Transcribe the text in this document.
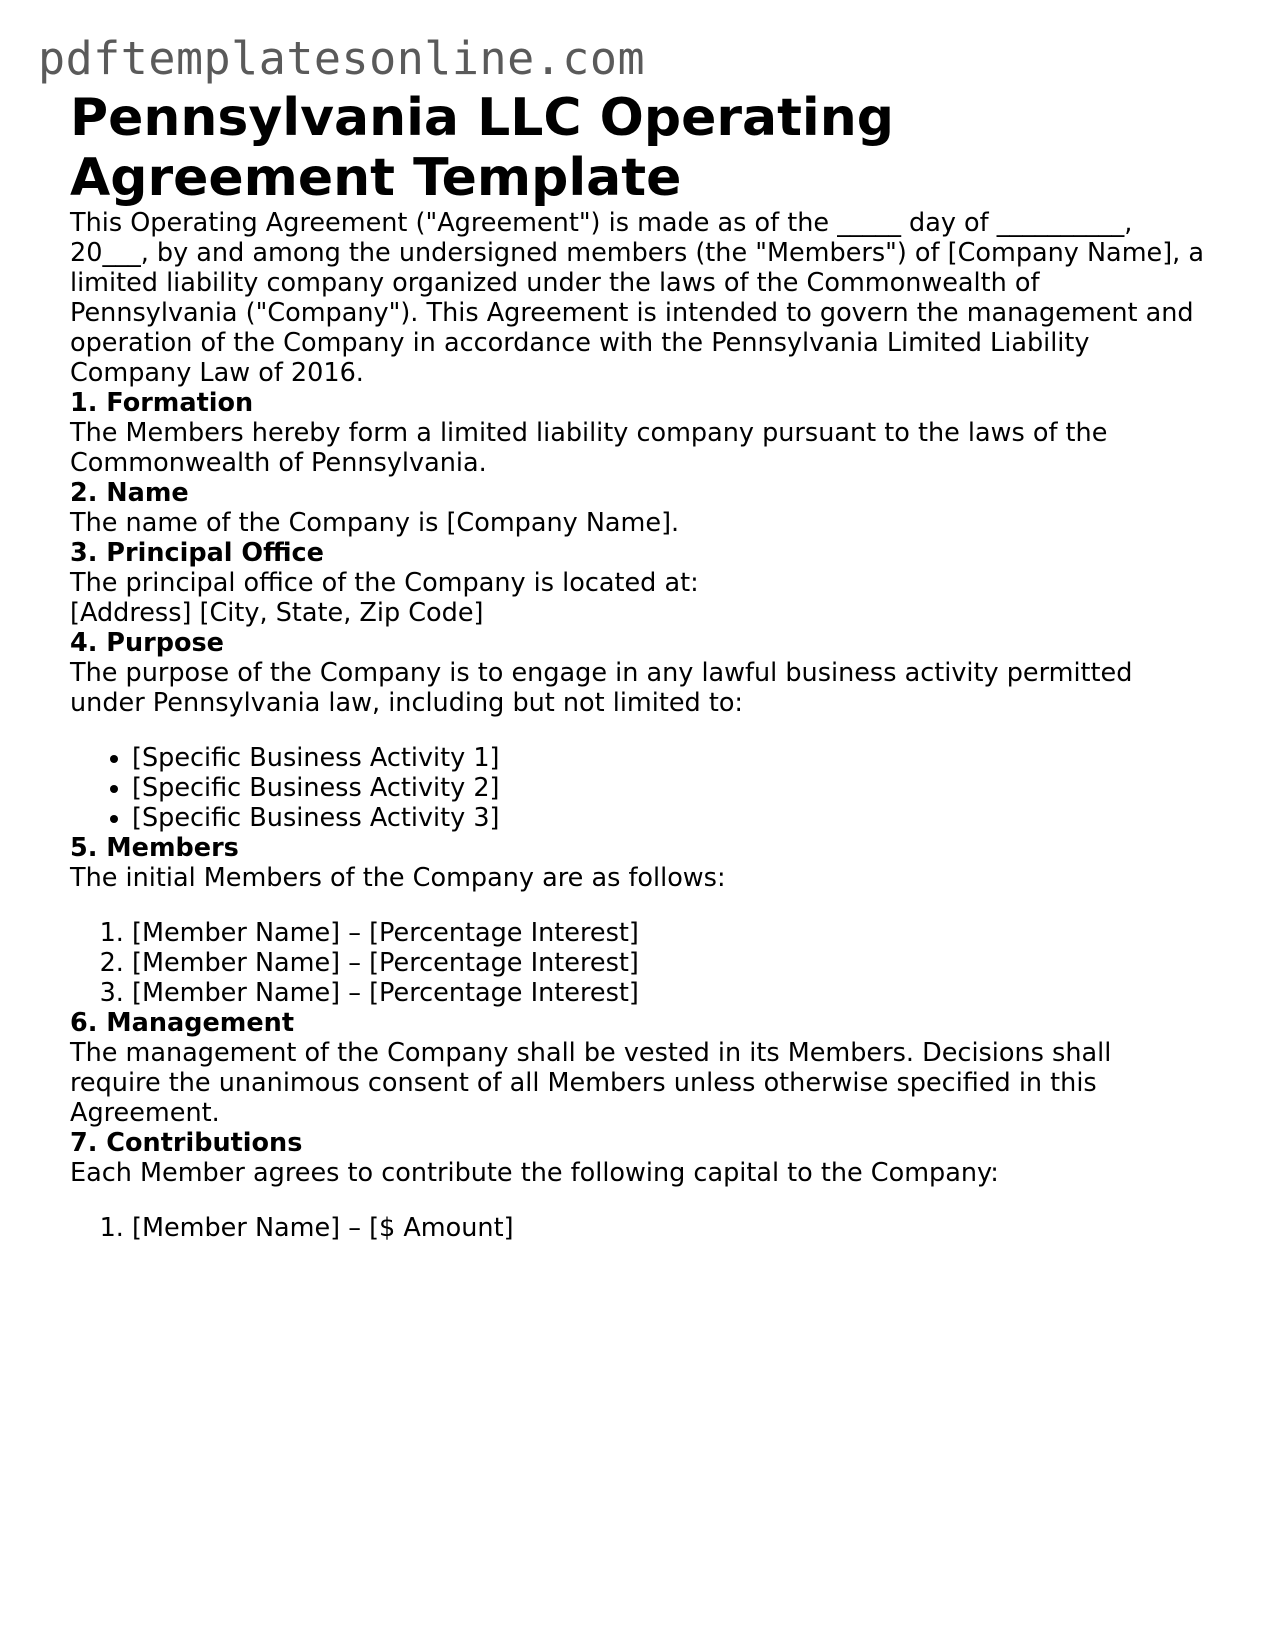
pdftemplatesonline.com
Pennsylvania LLC Operating Agreement Template

This Operating Agreement ("Agreement") is made as of the _____ day of __________, 20___, by and among the undersigned members (the "Members") of [Company Name], a limited liability company organized under the laws of the Commonwealth of Pennsylvania ("Company"). This Agreement is intended to govern the management and operation of the Company in accordance with the Pennsylvania Limited Liability Company Law of 2016.

1. Formation

The Members hereby form a limited liability company pursuant to the laws of the Commonwealth of Pennsylvania.

2. Name

The name of the Company is [Company Name].

3. Principal Office

The principal office of the Company is located at:

[Address] [City, State, Zip Code]

4. Purpose

The purpose of the Company is to engage in any lawful business activity permitted under Pennsylvania law, including but not limited to:

• [Specific Business Activity 1]
• [Specific Business Activity 2]
• [Specific Business Activity 3]
5. Members

The initial Members of the Company are as follows:

1. [Member Name] – [Percentage Interest]
2. [Member Name] – [Percentage Interest]
3. [Member Name] – [Percentage Interest]
6. Management

The management of the Company shall be vested in its Members. Decisions shall require the unanimous consent of all Members unless otherwise specified in this Agreement.

7. Contributions

Each Member agrees to contribute the following capital to the Company:

1. [Member Name] – [$ Amount]
